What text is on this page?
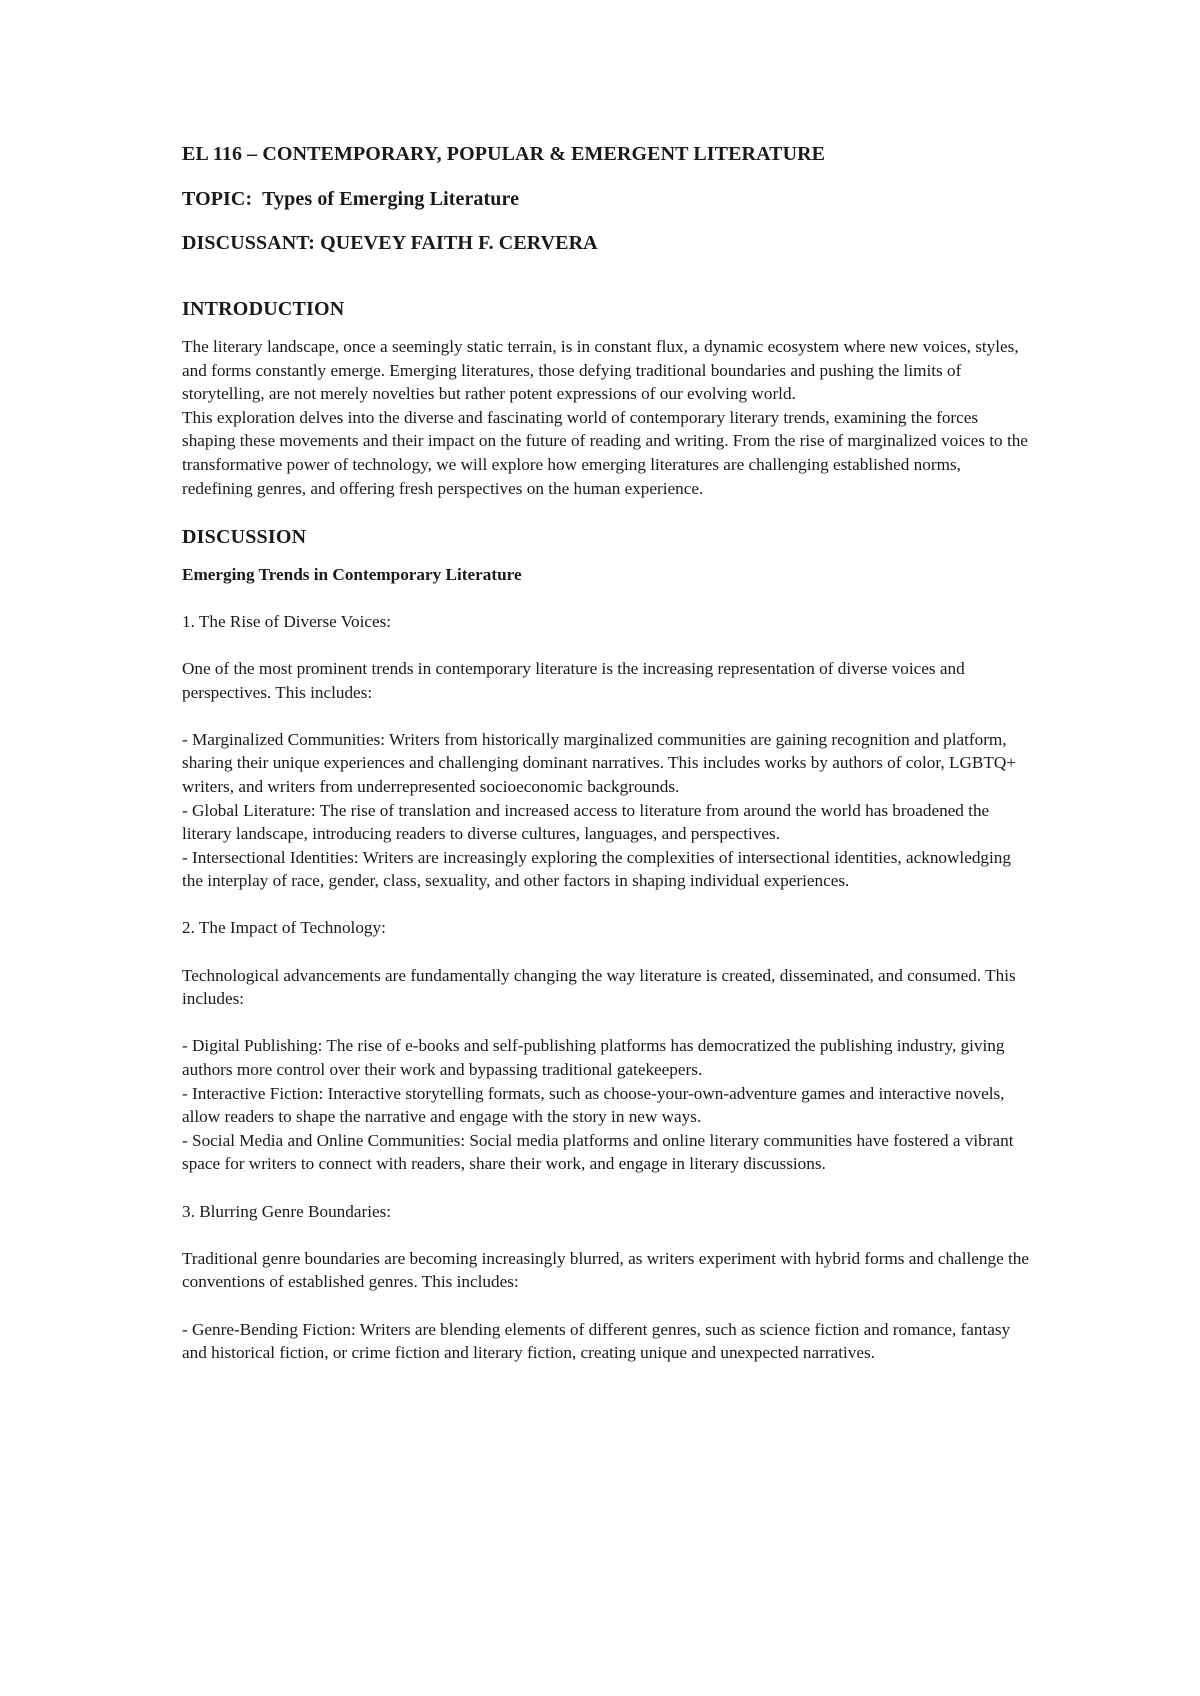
EL 116 – CONTEMPORARY, POPULAR & EMERGENT LITERATURE

TOPIC: Types of Emerging Literature

DISCUSSANT: QUEVEY FAITH F. CERVERA

INTRODUCTION

The literary landscape, once a seemingly static terrain, is in constant flux, a dynamic ecosystem where new voices, styles, and forms constantly emerge. Emerging literatures, those defying traditional boundaries and pushing the limits of storytelling, are not merely novelties but rather potent expressions of our evolving world.

This exploration delves into the diverse and fascinating world of contemporary literary trends, examining the forces shaping these movements and their impact on the future of reading and writing. From the rise of marginalized voices to the transformative power of technology, we will explore how emerging literatures are challenging established norms, redefining genres, and offering fresh perspectives on the human experience.

DISCUSSION

Emerging Trends in Contemporary Literature

1. The Rise of Diverse Voices:

One of the most prominent trends in contemporary literature is the increasing representation of diverse voices and perspectives. This includes:

- Marginalized Communities: Writers from historically marginalized communities are gaining recognition and platform, sharing their unique experiences and challenging dominant narratives. This includes works by authors of color, LGBTQ+ writers, and writers from underrepresented socioeconomic backgrounds.

- Global Literature: The rise of translation and increased access to literature from around the world has broadened the literary landscape, introducing readers to diverse cultures, languages, and perspectives.

- Intersectional Identities: Writers are increasingly exploring the complexities of intersectional identities, acknowledging the interplay of race, gender, class, sexuality, and other factors in shaping individual experiences.

2. The Impact of Technology:

Technological advancements are fundamentally changing the way literature is created, disseminated, and consumed. This includes:

- Digital Publishing: The rise of e-books and self-publishing platforms has democratized the publishing industry, giving authors more control over their work and bypassing traditional gatekeepers.

- Interactive Fiction: Interactive storytelling formats, such as choose-your-own-adventure games and interactive novels, allow readers to shape the narrative and engage with the story in new ways.

- Social Media and Online Communities: Social media platforms and online literary communities have fostered a vibrant space for writers to connect with readers, share their work, and engage in literary discussions.

3. Blurring Genre Boundaries:

Traditional genre boundaries are becoming increasingly blurred, as writers experiment with hybrid forms and challenge the conventions of established genres. This includes:

- Genre-Bending Fiction: Writers are blending elements of different genres, such as science fiction and romance, fantasy and historical fiction, or crime fiction and literary fiction, creating unique and unexpected narratives.
